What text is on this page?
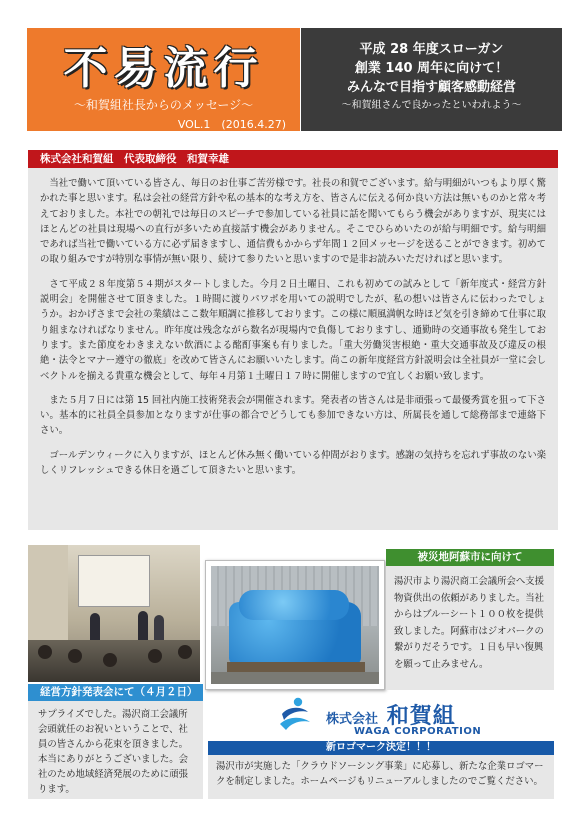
不易流行
～和賀組社長からのメッセージ～
VOL.1　(2016.4.27)
平成 28 年度スローガン
創業 140 周年に向けて！
みんなで目指す顧客感動経営
～和賀組さんで良かったといわれよう～
株式会社和賀組　代表取締役　和賀幸雄

当社で働いて頂いている皆さん、毎日のお仕事ご苦労様です。社長の和賀でございます。給与明細がいつもより厚く驚かれた事と思います。私は会社の経営方針や私の基本的な考え方を、皆さんに伝える何か良い方法は無いものかと常々考えておりました。本社での朝礼では毎日のスピーチで参加している社員に話を聞いてもらう機会がありますが、現実にはほとんどの社員は現場への直行が多いため直接話す機会がありません。そこでひらめいたのが給与明細です。給与明細であれば当社で働いている方に必ず届きますし、通信費もかからず年間１２回メッセージを送ることができます。初めての取り組みですが特別な事情が無い限り、続けて参りたいと思いますので是非お読みいただければと思います。

さて平成２８年度第５４期がスタートしました。今月２日土曜日、これも初めての試みとして「新年度式・経営方針説明会」を開催させて頂きました。１時間に渡りパワポを用いての説明でしたが、私の想いは皆さんに伝わったでしょうか。おかげさまで会社の業績はここ数年順調に推移しております。この様に順風満帆な時ほど気を引き締めて仕事に取り組まなければなりません。昨年度は残念ながら数名が現場内で負傷しておりますし、通勤時の交通事故も発生しております。また節度をわきまえない飲酒による酩酊事案も有りました。「重大労働災害根絶・重大交通事故及び違反の根絶・法令とマナー遵守の徹底」を改めて皆さんにお願いいたします。尚この新年度経営方針説明会は全社員が一堂に会しベクトルを揃える貴重な機会として、毎年４月第１土曜日１７時に開催しますので宜しくお願い致します。

また５月７日には第 15 回社内施工技術発表会が開催されます。発表者の皆さんは是非頑張って最優秀賞を狙って下さい。基本的に社員全員参加となりますが仕事の都合でどうしても参加できない方は、所属長を通して総務部まで連絡下さい。

ゴールデンウィークに入りますが、ほとんど休み無く働いている仲間がおります。感謝の気持ちを忘れず事故のない楽しくリフレッシュできる休日を過ごして頂きたいと思います。

経営方針発表会にて（４月２日）
サプライズでした。湯沢商工会議所会頭就任のお祝いということで、社員の皆さんから花束を頂きました。本当にありがとうございました。会社のため地域経済発展のために頑張ります。
被災地阿蘇市に向けて
湯沢市より湯沢商工会議所会へ支援物資供出の依頼がありました。当社からはブルーシート１００枚を提供致しました。阿蘇市はジオパークの繋がりだそうです。１日も早い復興を願って止みません。
株式会社 和賀組
WAGA CORPORATION
新ロゴマーク決定！！！
湯沢市が実施した「クラウドソーシング事業」に応募し、新たな企業ロゴマークを制定しました。ホームページもリニューアルしましたのでご覧ください。
